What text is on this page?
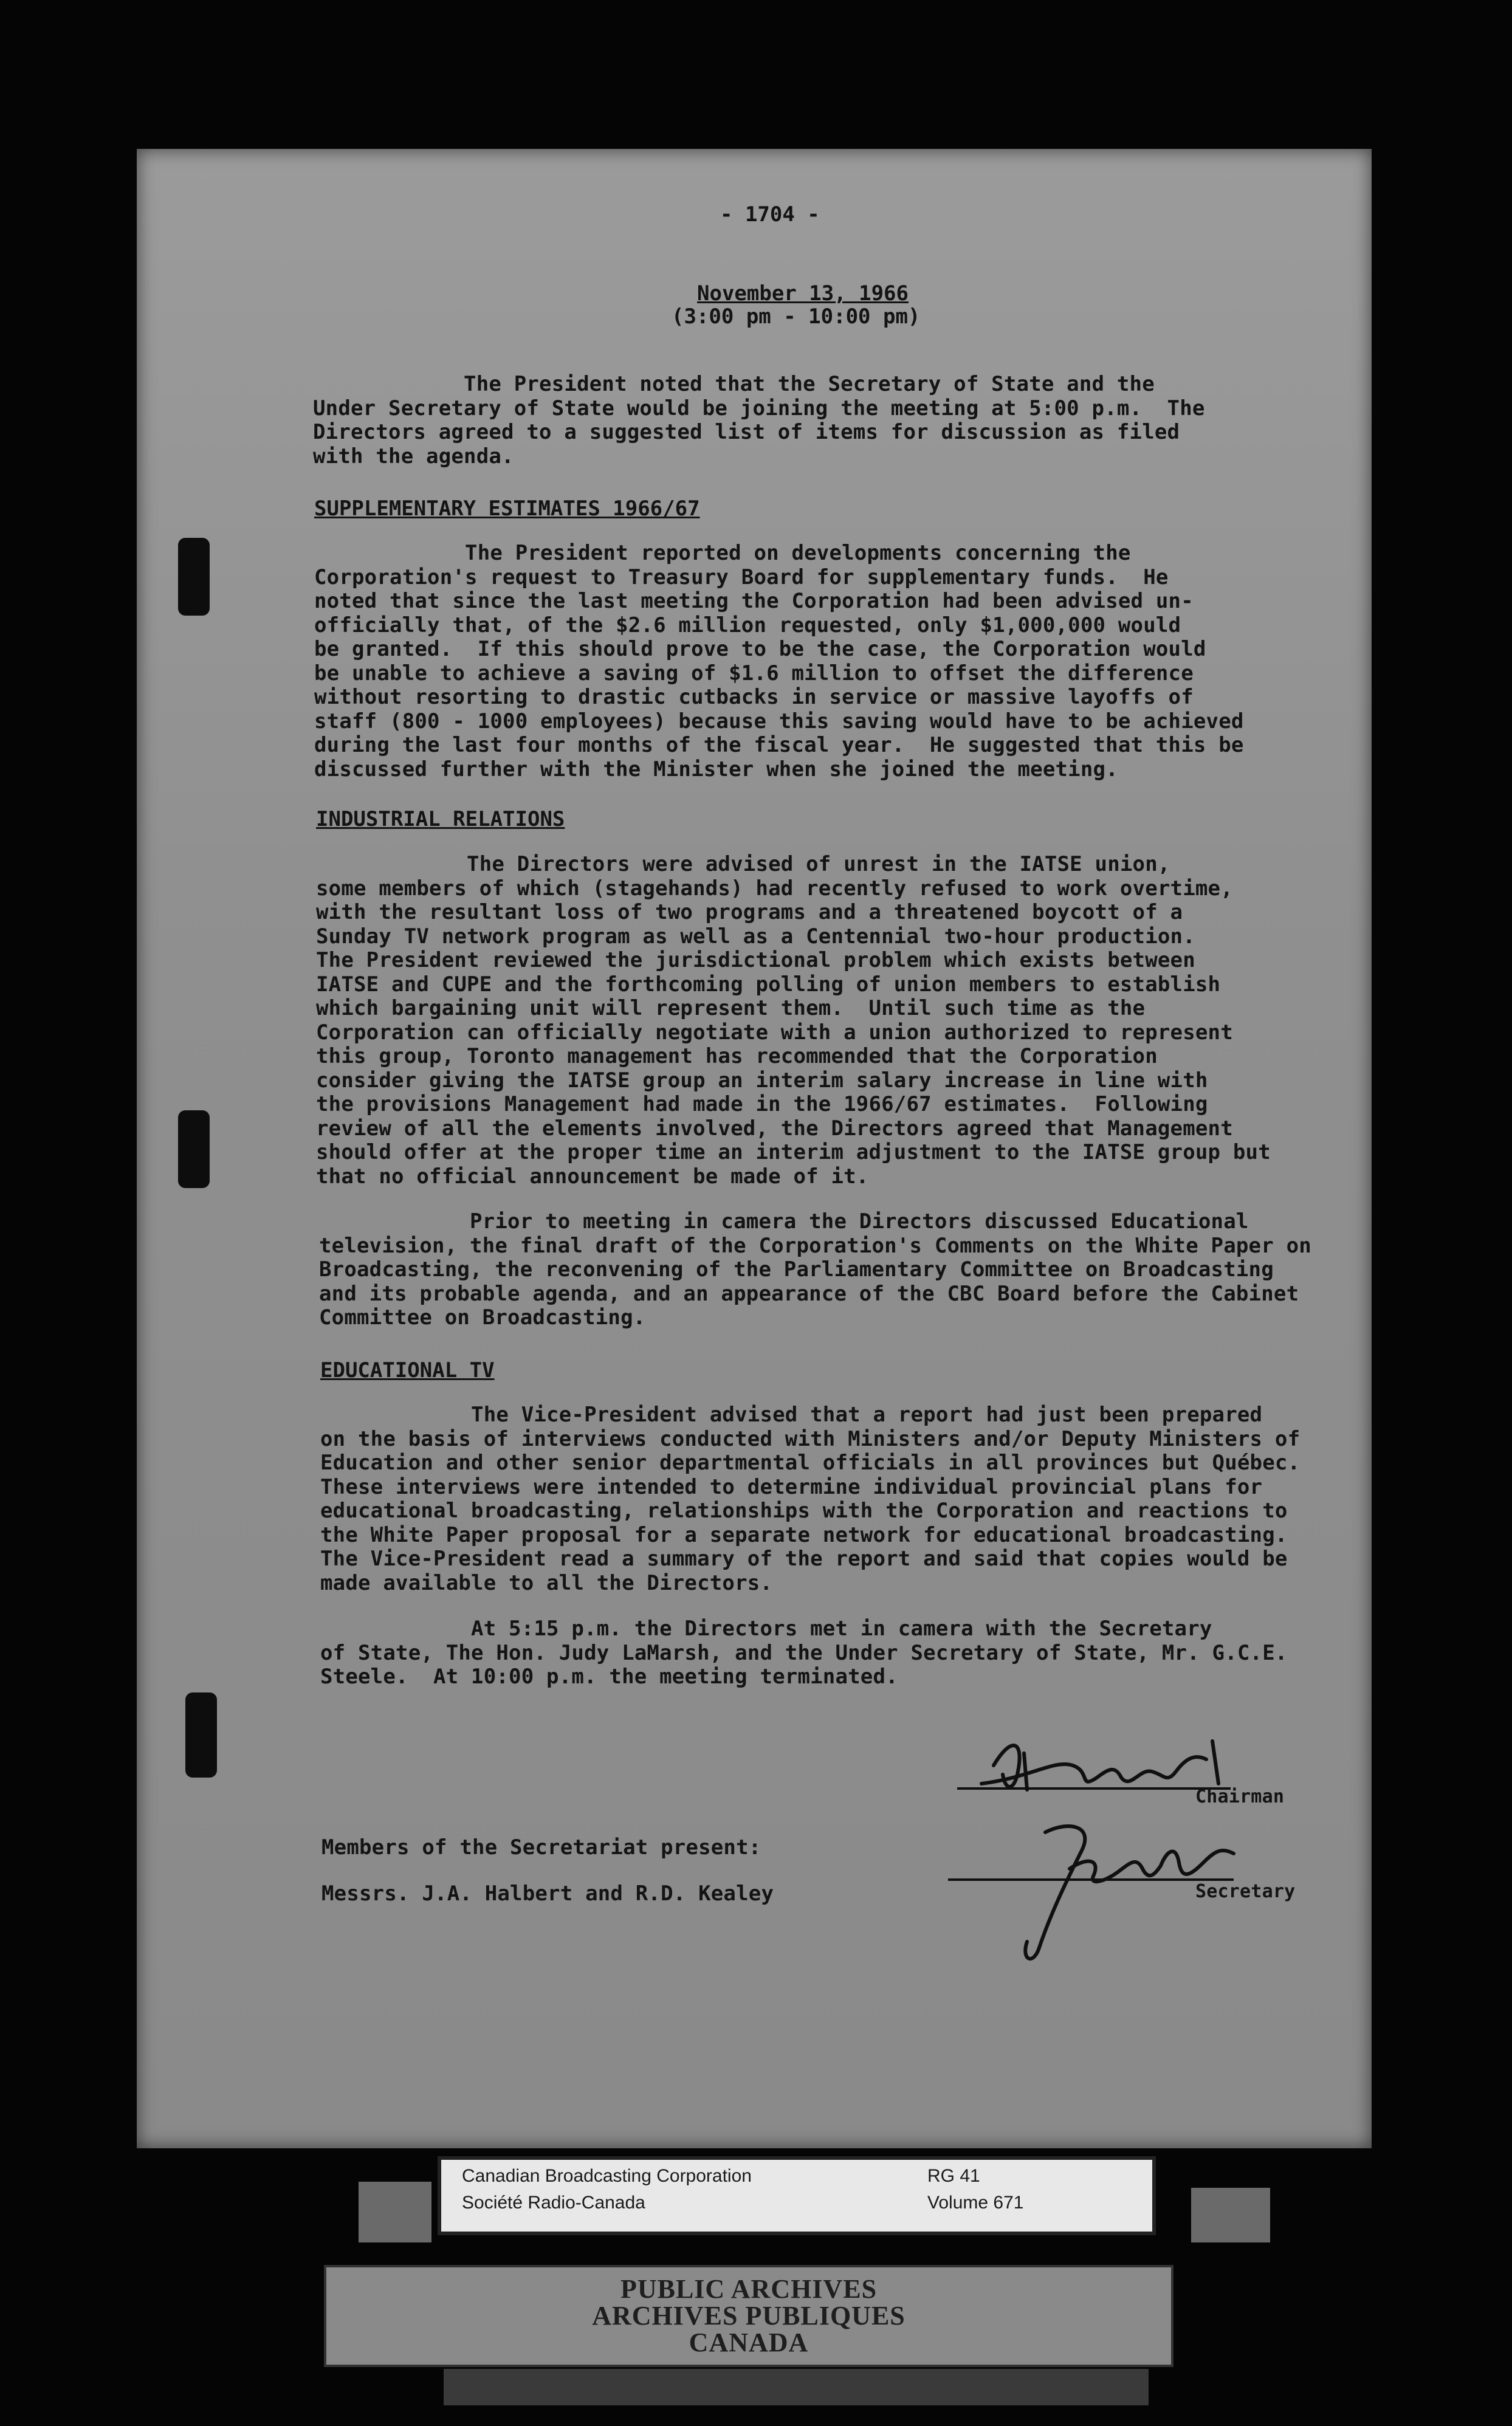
- 1704 -
November 13, 1966
(3:00 pm - 10:00 pm)
The President noted that the Secretary of State and the
Under Secretary of State would be joining the meeting at 5:00 p.m.  The
Directors agreed to a suggested list of items for discussion as filed
with the agenda.
SUPPLEMENTARY ESTIMATES 1966/67
The President reported on developments concerning the
Corporation's request to Treasury Board for supplementary funds.  He
noted that since the last meeting the Corporation had been advised un-
officially that, of the $2.6 million requested, only $1,000,000 would
be granted.  If this should prove to be the case, the Corporation would
be unable to achieve a saving of $1.6 million to offset the difference
without resorting to drastic cutbacks in service or massive layoffs of
staff (800 - 1000 employees) because this saving would have to be achieved
during the last four months of the fiscal year.  He suggested that this be
discussed further with the Minister when she joined the meeting.
INDUSTRIAL RELATIONS
The Directors were advised of unrest in the IATSE union,
some members of which (stagehands) had recently refused to work overtime,
with the resultant loss of two programs and a threatened boycott of a
Sunday TV network program as well as a Centennial two-hour production.
The President reviewed the jurisdictional problem which exists between
IATSE and CUPE and the forthcoming polling of union members to establish
which bargaining unit will represent them.  Until such time as the
Corporation can officially negotiate with a union authorized to represent
this group, Toronto management has recommended that the Corporation
consider giving the IATSE group an interim salary increase in line with
the provisions Management had made in the 1966/67 estimates.  Following
review of all the elements involved, the Directors agreed that Management
should offer at the proper time an interim adjustment to the IATSE group but
that no official announcement be made of it.
Prior to meeting in camera the Directors discussed Educational
television, the final draft of the Corporation's Comments on the White Paper on
Broadcasting, the reconvening of the Parliamentary Committee on Broadcasting
and its probable agenda, and an appearance of the CBC Board before the Cabinet
Committee on Broadcasting.
EDUCATIONAL TV
The Vice-President advised that a report had just been prepared
on the basis of interviews conducted with Ministers and/or Deputy Ministers of
Education and other senior departmental officials in all provinces but Québec.
These interviews were intended to determine individual provincial plans for
educational broadcasting, relationships with the Corporation and reactions to
the White Paper proposal for a separate network for educational broadcasting.
The Vice-President read a summary of the report and said that copies would be
made available to all the Directors.
At 5:15 p.m. the Directors met in camera with the Secretary
of State, The Hon. Judy LaMarsh, and the Under Secretary of State, Mr. G.C.E.
Steele.  At 10:00 p.m. the meeting terminated.
Chairman
Secretary
Members of the Secretariat present:
Messrs. J.A. Halbert and R.D. Kealey
Canadian Broadcasting Corporation
Société Radio-Canada
RG 41
Volume 671
PUBLIC ARCHIVES
ARCHIVES PUBLIQUES
CANADA
